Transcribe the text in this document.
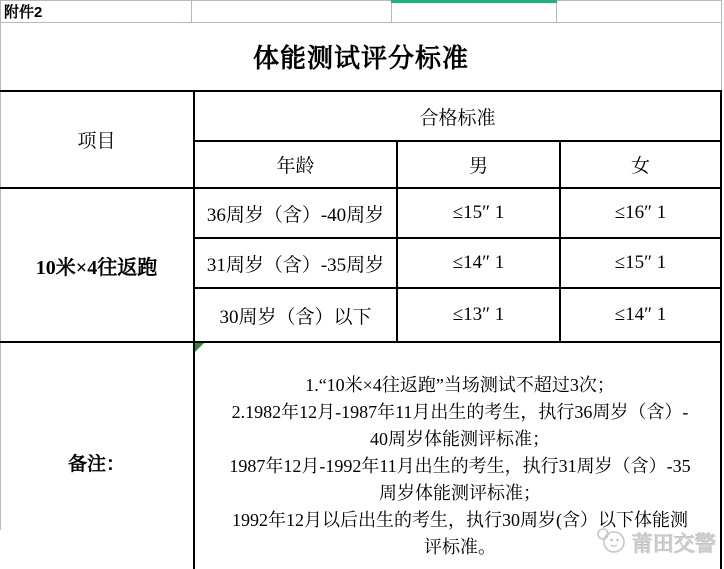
附件2
体能测试评分标准
项目	合格标准		
	年龄	男	女
10米×4往返跑	36周岁（含）-40周岁	≤15″ 1	≤16″ 1
	31周岁（含）-35周岁	≤14″ 1	≤15″ 1
	30周岁（含）以下	≤13″ 1	≤14″ 1
备注：	
1.“10米×4往返跑”当场测试不超过3次；
2.1982年12月-1987年11月出生的考生，执行36周岁（含）-
40周岁体能测评标准；
1987年12月-1992年11月出生的考生，执行31周岁（含）-35
周岁体能测评标准；
1992年12月以后出生的考生，执行30周岁(含）以下体能测
评标准。	莆田交警
